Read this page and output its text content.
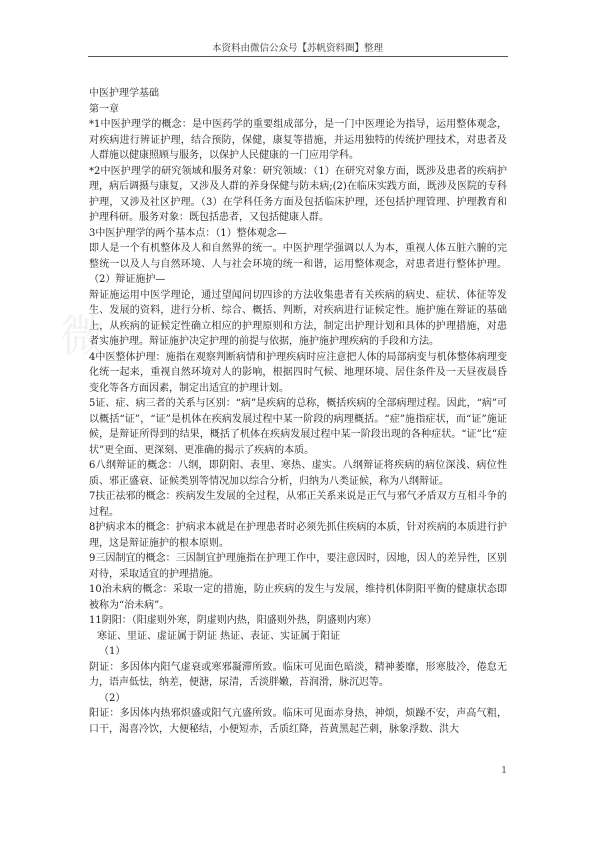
本资料由微信公众号【苏帆资料圈】整理
微

中医护理学基础

第一章

*1中医护理学的概念：是中医药学的重要组成部分，是一门中医理论为指导，运用整体观念，对疾病进行辨证护理，结合预防，保健，康复等措施，并运用独特的传统护理技术，对患者及人群施以健康照顾与服务，以保护人民健康的一门应用学科。

*2中医护理学的研究领域和服务对象：研究领域：（1）在研究对象方面，既涉及患者的疾病护理，病后调摄与康复，又涉及人群的养身保健与防未病;(2)在临床实践方面，既涉及医院的专科护理，又涉及社区护理。（3）在学科任务方面及包括临床护理，还包括护理管理、护理教育和护理科研。服务对象：既包括患者，又包括健康人群。

3中医护理学的两个基本点：（1）整体观念—

即人是一个有机整体及人和自然界的统一。中医护理学强调以人为本，重视人体五脏六腑的完整统一以及人与自然环境、人与社会环境的统一和谐，运用整体观念，对患者进行整体护理。（2）辩证施护—

辩证施运用中医学理论，通过望闻问切四诊的方法收集患者有关疾病的病史、症状、体征等发生、发展的资料，进行分析、综合、概括、判断，对疾病进行证候定性。施护施在辩证的基础上，从疾病的证候定性确立相应的护理原则和方法，制定出护理计划和具体的护理措施，对患者实施护理。辩证施护决定护理的前提与依据，施护施护理疾病的手段和方法。

4中医整体护理：施指在观察判断病情和护理疾病时应注意把人体的局部病变与机体整体病理变化统一起来，重视自然环境对人的影响，根据四时气候、地理环境、居住条件及一天昼夜晨昏变化等各方面因素，制定出适宜的护理计划。

5证、症、病三者的关系与区别：“病”是疾病的总称，概括疾病的全部病理过程。因此，“病”可以概括“证”，“证”是机体在疾病发展过程中某一阶段的病理概括。“症”施指症状，而“证”施证候，是辩证所得到的结果，概括了机体在疾病发展过程中某一阶段出现的各种症状。“证”比“症状”更全面、更深刻、更准确的揭示了疾病的本质。

6八纲辩证的概念：八纲，即阴阳、表里、寒热、虚实。八纲辩证将疾病的病位深浅、病位性质、邪正盛衰、证候类别等情况加以综合分析，归纳为八类证候，称为八纲辩证。

7扶正祛邪的概念：疾病发生发展的全过程，从邪正关系来说是正气与邪气矛盾双方互相斗争的过程。

8护病求本的概念：护病求本就是在护理患者时必须先抓住疾病的本质，针对疾病的本质进行护理，这是辩证施护的根本原则。

9三因制宜的概念：三因制宜护理施指在护理工作中，要注意因时，因地，因人的差异性，区别对待，采取适宜的护理措施。

10治未病的概念：采取一定的措施，防止疾病的发生与发展，维持机体阴阳平衡的健康状态即被称为“治未病”。

11阴阳：（阳虚则外寒，阴虚则内热，阳盛则外热，阴盛则内寒）

寒证、里证、虚证属于阴证 热证、表证、实证属于阳证

（1）

阴证：多因体内阳气虚衰或寒邪凝滞所致。临床可见面色暗淡，精神萎靡，形寒肢冷，倦怠无力，语声低怯，纳差，便溏，尿清，舌淡胖嫩，苔润滑，脉沉迟等。

（2）

阳证：多因体内热邪炽盛或阳气亢盛所致。临床可见面赤身热，神烦，烦躁不安，声高气粗，口干，渴喜冷饮，大便秘结，小便短赤，舌质红降，苔黄黑起芒刺，脉象浮数、洪大

1
